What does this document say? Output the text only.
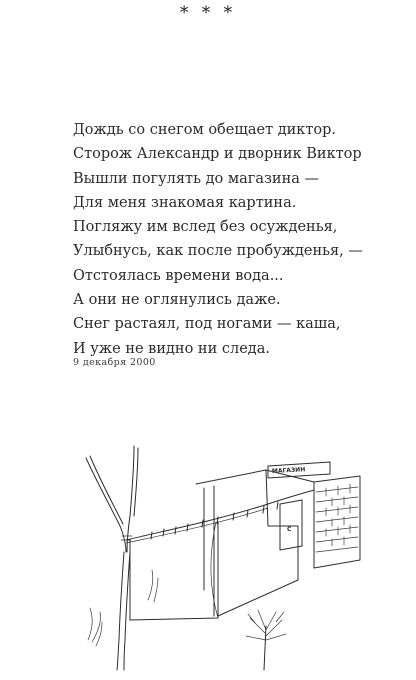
* * *
Дождь со снегом обещает диктор.
Сторож Александр и дворник Виктор
Вышли погулять до магазина —
Для меня знакомая картина.
Погляжу им вслед без осужденья,
Улыбнусь, как после пробужденья, —
Отстоялась времени вода...
А они не оглянулись даже.
Снег растаял, под ногами — каша,
И уже не видно ни следа.
9 декабря 2000
С
МАГАЗИН
